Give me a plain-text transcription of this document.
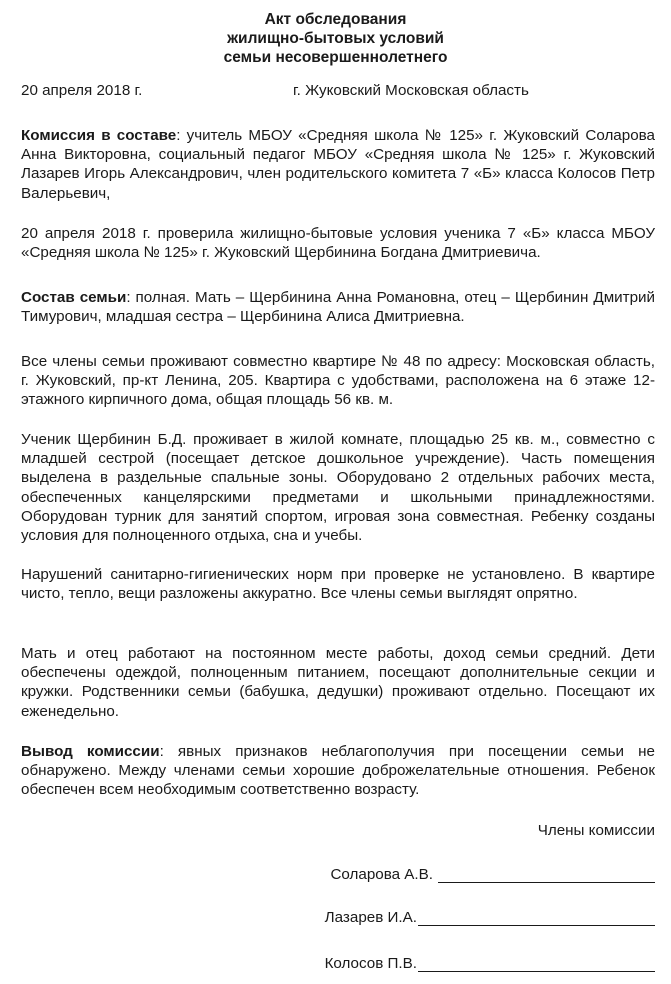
Акт обследования
жилищно-бытовых условий
семьи несовершеннолетнего
20 апреля 2018 г.	г. Жуковский Московская область
Комиссия в составе: учитель МБОУ «Средняя школа № 125» г. Жуковский Соларова Анна Викторовна, социальный педагог МБОУ «Средняя школа № 125» г. Жуковский Лазарев Игорь Александрович, член родительского комитета 7 «Б» класса Колосов Петр Валерьевич,
20 апреля 2018 г. проверила жилищно-бытовые условия ученика 7 «Б» класса МБОУ «Средняя школа № 125» г. Жуковский Щербинина Богдана Дмитриевича.
Состав семьи: полная. Мать – Щербинина Анна Романовна, отец – Щербинин Дмитрий Тимурович, младшая сестра – Щербинина Алиса Дмитриевна.
Все члены семьи проживают совместно квартире № 48 по адресу: Московская область, г. Жуковский, пр-кт Ленина, 205. Квартира с удобствами, расположена на 6 этаже 12-этажного кирпичного дома, общая площадь 56 кв. м.
Ученик Щербинин Б.Д. проживает в жилой комнате, площадью 25 кв. м., совместно с младшей сестрой (посещает детское дошкольное учреждение). Часть помещения выделена в раздельные спальные зоны. Оборудовано 2 отдельных рабочих места, обеспеченных канцелярскими предметами и школьными принадлежностями. Оборудован турник для занятий спортом, игровая зона совместная. Ребенку созданы условия для полноценного отдыха, сна и учебы.
Нарушений санитарно-гигиенических норм при проверке не установлено. В квартире чисто, тепло, вещи разложены аккуратно. Все члены семьи выглядят опрятно.
Мать и отец работают на постоянном месте работы, доход семьи средний. Дети обеспечены одеждой, полноценным питанием, посещают дополнительные секции и кружки. Родственники семьи (бабушка, дедушки) проживают отдельно. Посещают их еженедельно.
Вывод комиссии: явных признаков неблагополучия при посещении семьи не обнаружено. Между членами семьи хорошие доброжелательные отношения. Ребенок обеспечен всем необходимым соответственно возрасту.
Члены комиссии
Соларова А.В.
Лазарев И.А.
Колосов П.В.
